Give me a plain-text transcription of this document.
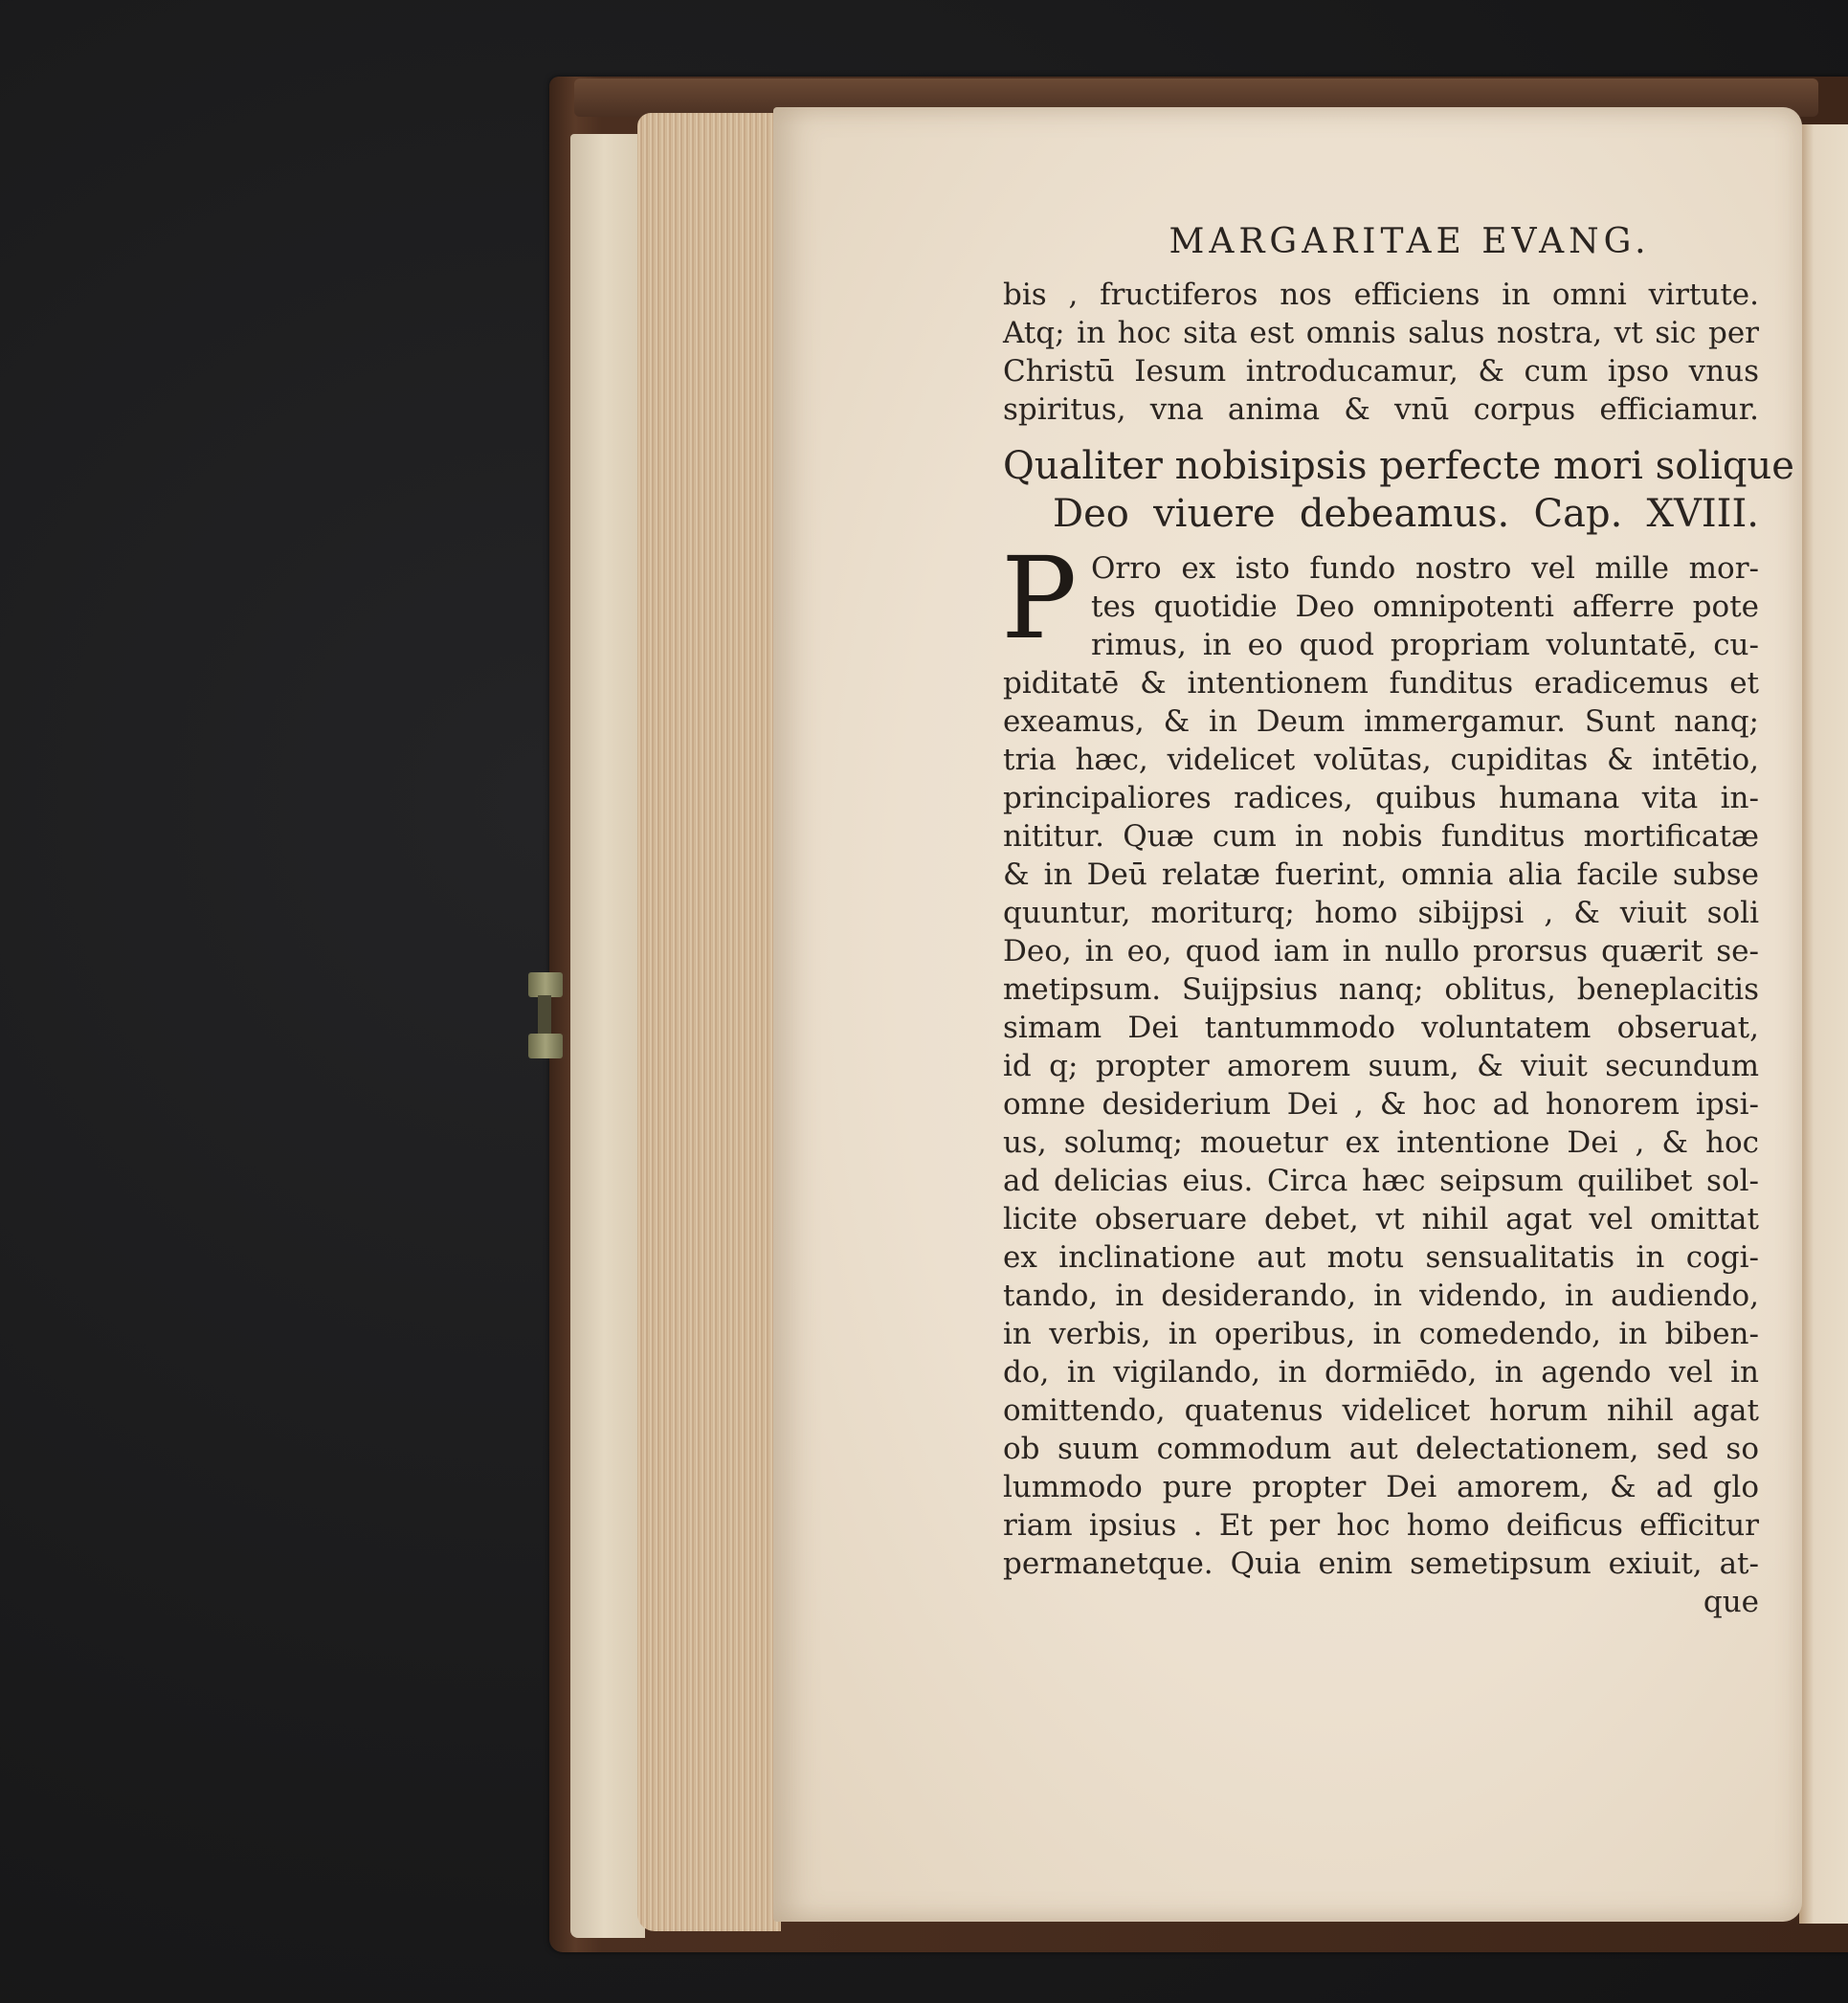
MARGARITAE EVANG.
bis , fructiferos nos efficiens in omni virtute.
Atq; in hoc sita est omnis salus nostra, vt sic per
Christū Iesum introducamur, & cum ipso vnus
spiritus, vna anima & vnū corpus efficiamur.
Qualiter nobisipsis perfecte mori solique
Deo viuere debeamus. Cap. XVIII.
P Orro ex isto fundo nostro vel mille mor-
tes quotidie Deo omnipotenti afferre pote
rimus, in eo quod propriam voluntatē, cu-
piditatē & intentionem funditus eradicemus et
exeamus, & in Deum immergamur. Sunt nanq;
tria hæc, videlicet volūtas, cupiditas & intētio,
principaliores radices, quibus humana vita in-
nititur. Quæ cum in nobis funditus mortificatæ
& in Deū relatæ fuerint, omnia alia facile subse
quuntur, moriturq; homo sibijpsi , & viuit soli
Deo, in eo, quod iam in nullo prorsus quærit se-
metipsum. Suijpsius nanq; oblitus, beneplacitis
simam Dei tantummodo voluntatem obseruat,
id q; propter amorem suum, & viuit secundum
omne desiderium Dei , & hoc ad honorem ipsi-
us, solumq; mouetur ex intentione Dei , & hoc
ad delicias eius. Circa hæc seipsum quilibet sol-
licite obseruare debet, vt nihil agat vel omittat
ex inclinatione aut motu sensualitatis in cogi-
tando, in desiderando, in videndo, in audiendo,
in verbis, in operibus, in comedendo, in biben-
do, in vigilando, in dormiēdo, in agendo vel in
omittendo, quatenus videlicet horum nihil agat
ob suum commodum aut delectationem, sed so
lummodo pure propter Dei amorem, & ad glo
riam ipsius . Et per hoc homo deificus efficitur
permanetque. Quia enim semetipsum exiuit, at-
que
